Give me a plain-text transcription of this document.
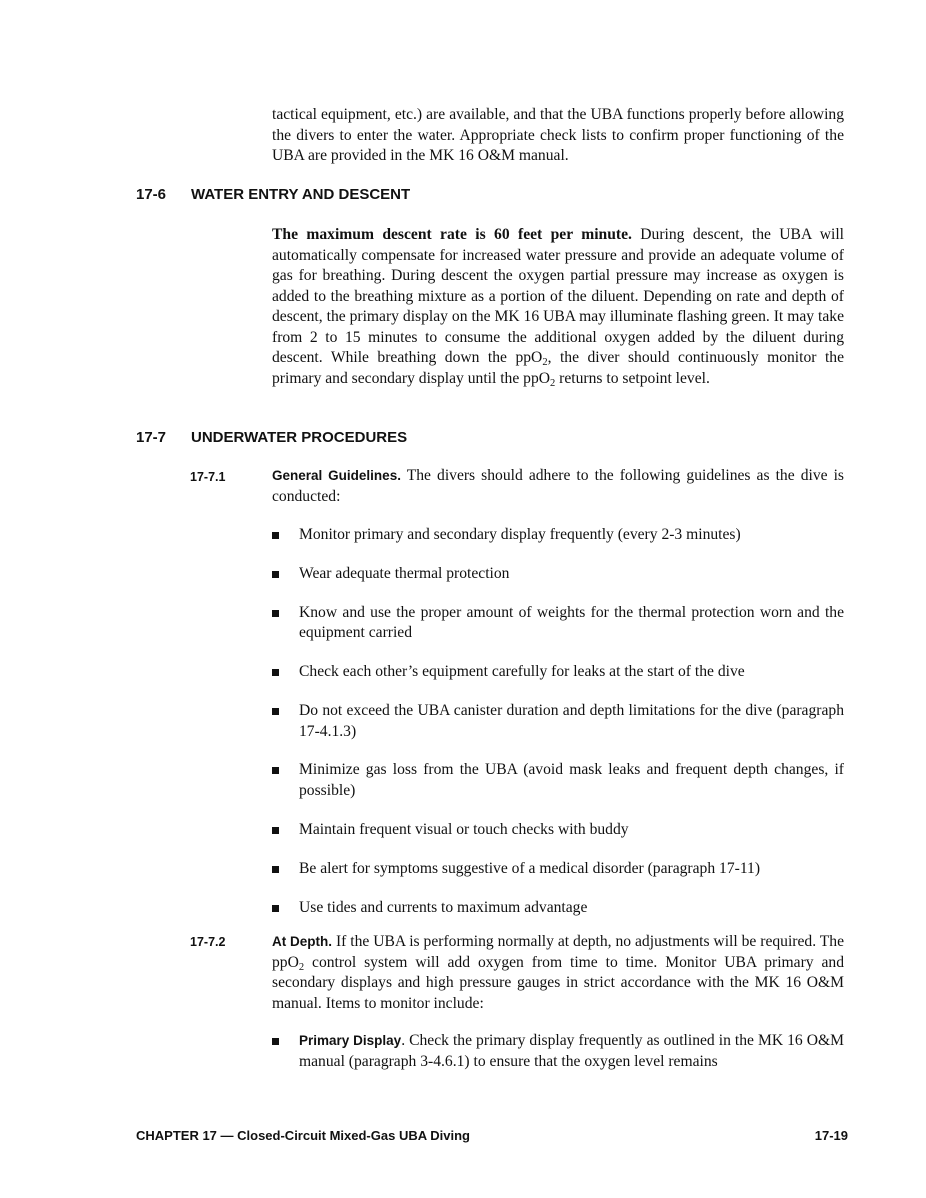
tactical equipment, etc.) are available, and that the UBA functions properly before allowing the divers to enter the water. Appropriate check lists to confirm proper functioning of the UBA are provided in the MK 16 O&M manual.
17-6 WATER ENTRY AND DESCENT
The maximum descent rate is 60 feet per minute. During descent, the UBA will automatically compensate for increased water pressure and provide an adequate volume of gas for breathing. During descent the oxygen partial pressure may increase as oxygen is added to the breathing mixture as a portion of the diluent. Depending on rate and depth of descent, the primary display on the MK 16 UBA may illuminate flashing green. It may take from 2 to 15 minutes to consume the additional oxygen added by the diluent during descent. While breathing down the ppO$_2$, the diver should continuously monitor the primary and secondary display until the ppO$_2$ returns to setpoint level.
17-7 UNDERWATER PROCEDURES
17-7.1	General Guidelines. The divers should adhere to the following guidelines as the dive is conducted:
Monitor primary and secondary display frequently (every 2-3 minutes)
Wear adequate thermal protection
Know and use the proper amount of weights for the thermal protection worn and the equipment carried
Check each other’s equipment carefully for leaks at the start of the dive
Do not exceed the UBA canister duration and depth limitations for the dive (paragraph 17-4.1.3)
Minimize gas loss from the UBA (avoid mask leaks and frequent depth changes, if possible)
Maintain frequent visual or touch checks with buddy
Be alert for symptoms suggestive of a medical disorder (paragraph 17-11)
Use tides and currents to maximum advantage
17-7.2	At Depth. If the UBA is performing normally at depth, no adjustments will be required. The ppO$_2$ control system will add oxygen from time to time. Monitor UBA primary and secondary displays and high pressure gauges in strict accordance with the MK 16 O&M manual. Items to monitor include:
Primary Display. Check the primary display frequently as outlined in the MK 16 O&M manual (paragraph 3-4.6.1) to ensure that the oxygen level remains
CHAPTER 17 — Closed-Circuit Mixed-Gas UBA Diving	17-19
